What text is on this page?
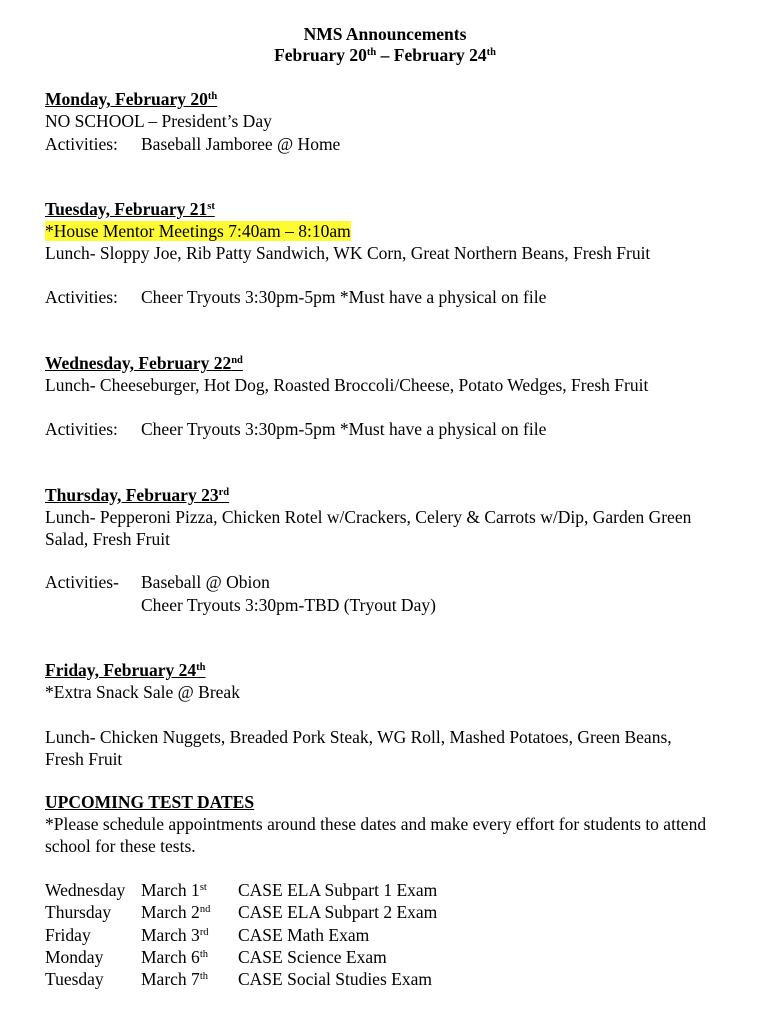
NMS Announcements
February 20th – February 24th
Monday, February 20th
NO SCHOOL – President’s Day
Activities: Baseball Jamboree @ Home
Tuesday, February 21st
*House Mentor Meetings 7:40am – 8:10am
Lunch- Sloppy Joe, Rib Patty Sandwich, WK Corn, Great Northern Beans, Fresh Fruit
Activities: Cheer Tryouts 3:30pm-5pm *Must have a physical on file
Wednesday, February 22nd
Lunch- Cheeseburger, Hot Dog, Roasted Broccoli/Cheese, Potato Wedges, Fresh Fruit
Activities: Cheer Tryouts 3:30pm-5pm *Must have a physical on file
Thursday, February 23rd
Lunch- Pepperoni Pizza, Chicken Rotel w/Crackers, Celery & Carrots w/Dip, Garden Green Salad, Fresh Fruit
Activities- Baseball @ Obion
Cheer Tryouts 3:30pm-TBD (Tryout Day)
Friday, February 24th
*Extra Snack Sale @ Break
Lunch- Chicken Nuggets, Breaded Pork Steak, WG Roll, Mashed Potatoes, Green Beans, Fresh Fruit
UPCOMING TEST DATES
*Please schedule appointments around these dates and make every effort for students to attend school for these tests.
Wednesday March 1st CASE ELA Subpart 1 Exam
Thursday March 2nd CASE ELA Subpart 2 Exam
Friday	March 3rd CASE Math Exam
Monday March 6th CASE Science Exam
Tuesday March 7th CASE Social Studies Exam
